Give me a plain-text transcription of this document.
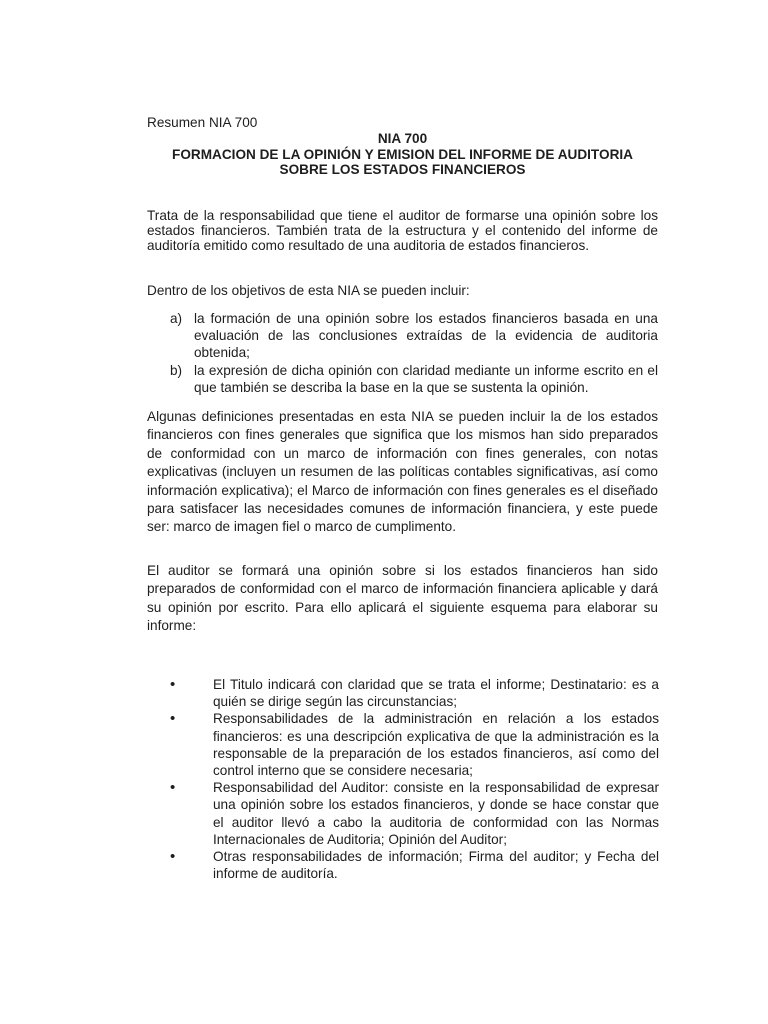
Resumen NIA 700
NIA 700
FORMACION DE LA OPINIÓN Y EMISION DEL INFORME DE AUDITORIA
SOBRE LOS ESTADOS FINANCIEROS

Trata de la responsabilidad que tiene el auditor de formarse una opinión sobre los estados financieros. También trata de la estructura y el contenido del informe de auditoría emitido como resultado de una auditoria de estados financieros.

Dentro de los objetivos de esta NIA se pueden incluir:

a) la formación de una opinión sobre los estados financieros basada en una evaluación de las conclusiones extraídas de la evidencia de auditoria obtenida;
b) la expresión de dicha opinión con claridad mediante un informe escrito en el que también se describa la base en la que se sustenta la opinión.

Algunas definiciones presentadas en esta NIA se pueden incluir la de los estados financieros con fines generales que significa que los mismos han sido preparados de conformidad con un marco de información con fines generales, con notas explicativas (incluyen un resumen de las políticas contables significativas, así como información explicativa); el Marco de información con fines generales es el diseñado para satisfacer las necesidades comunes de información financiera, y este puede ser: marco de imagen fiel o marco de cumplimento.

El auditor se formará una opinión sobre si los estados financieros han sido preparados de conformidad con el marco de información financiera aplicable y dará su opinión por escrito. Para ello aplicará el siguiente esquema para elaborar su informe:

•	El Titulo indicará con claridad que se trata el informe; Destinatario: es a quién se dirige según las circunstancias;
•	Responsabilidades de la administración en relación a los estados financieros: es una descripción explicativa de que la administración es la responsable de la preparación de los estados financieros, así como del control interno que se considere necesaria;
•	Responsabilidad del Auditor: consiste en la responsabilidad de expresar una opinión sobre los estados financieros, y donde se hace constar que el auditor llevó a cabo la auditoria de conformidad con las Normas Internacionales de Auditoria; Opinión del Auditor;
•	Otras responsabilidades de información; Firma del auditor; y Fecha del informe de auditoría.
